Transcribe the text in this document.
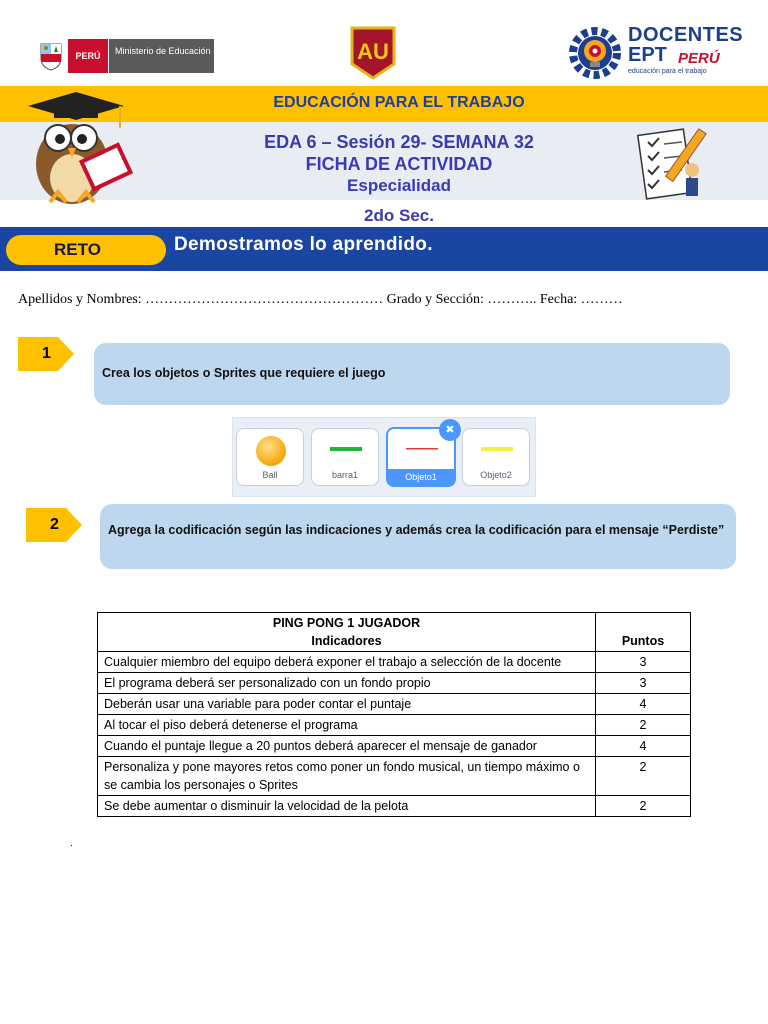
PERÚ	Ministerio de Educación	AU
DOCENTES
EPT PERÚ
educación para el trabajo
EDUCACIÓN PARA EL TRABAJO
EDA 6 – Sesión 29- SEMANA 32
FICHA DE ACTIVIDAD
Especialidad
2do Sec.
RETO	Demostramos lo aprendido.
Apellidos y Nombres: …………………………………………… Grado y Sección: ……….. Fecha: ………
1
Crea los objetos o Sprites que requiere el juego
Ball	barra1	Objeto1
✖
Objeto2
2	Agrega la codificación según las indicaciones y además crea la codificación para el mensaje “Perdiste”
PING PONG 1 JUGADOR
Indicadores	Puntos
Cualquier miembro del equipo deberá exponer el trabajo a selección de la docente	3
El programa deberá ser personalizado con un fondo propio	3
Deberán usar una variable para poder contar el puntaje	4
Al tocar el piso deberá detenerse el programa	2
Cuando el puntaje llegue a 20 puntos deberá aparecer el mensaje de ganador	4
Personaliza y pone mayores retos como poner un fondo musical, un tiempo máximo o se cambia los personajes o Sprites	2
Se debe aumentar o disminuir la velocidad de la pelota	2
.
